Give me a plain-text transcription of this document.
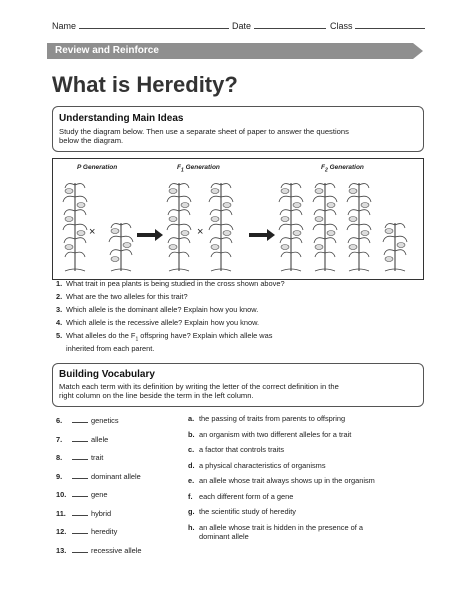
Name	Date	Class
Review and Reinforce
What is Heredity?
Understanding Main Ideas
Study the diagram below. Then use a separate sheet of paper to answer the questions
below the diagram.
P Generation	$F_1$ Generation	$F_2$ Generation
×	×
1. What trait in pea plants is being studied in the cross shown above?
2. What are the two alleles for this trait?
3. Which allele is the dominant allele? Explain how you know.
4. Which allele is the recessive allele? Explain how you know.
5. What alleles do the $F_1$ offspring have? Explain which allele was
inherited from each parent.
Building Vocabulary
Match each term with its definition by writing the letter of the correct definition in the
right column on the line beside the term in the left column.
6.	genetics
7.	allele
8.	trait
9.	dominant allele
10.	gene
11.	hybrid
12.	heredity
13.	recessive allele
a. the passing of traits from parents to offspring
b. an organism with two different alleles for a trait
c. a factor that controls traits
d. a physical characteristics of organisms
e. an allele whose trait always shows up in the organism
f. each different form of a gene
g. the scientific study of heredity
h. an allele whose trait is hidden in the presence of a
dominant allele
